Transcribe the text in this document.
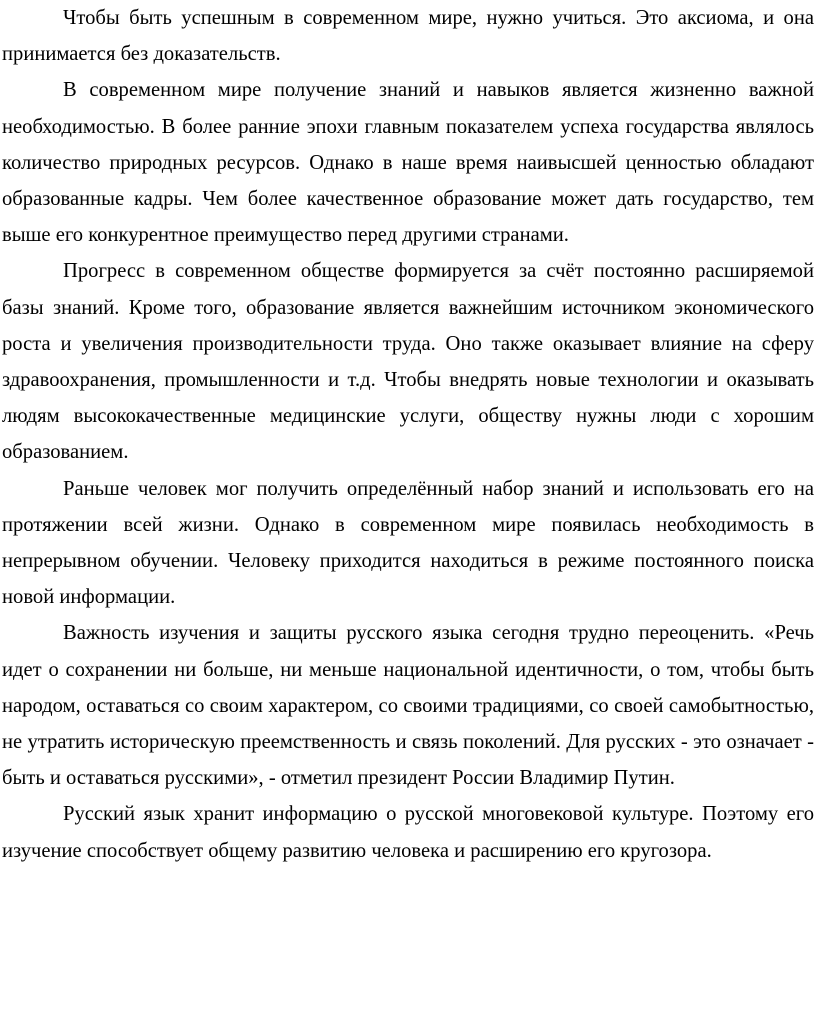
Чтобы быть успешным в современном мире, нужно учиться. Это аксиома, и она принимается без доказательств.

В современном мире получение знаний и навыков является жизненно важной необходимостью. В более ранние эпохи главным показателем успеха государства являлось количество природных ресурсов. Однако в наше время наивысшей ценностью обладают образованные кадры. Чем более качественное образование может дать государство, тем выше его конкурентное преимущество перед другими странами.

Прогресс в современном обществе формируется за счёт постоянно расширяемой базы знаний. Кроме того, образование является важнейшим источником экономического роста и увеличения производительности труда. Оно также оказывает влияние на сферу здравоохранения, промышленности и т.д. Чтобы внедрять новые технологии и оказывать людям высококачественные медицинские услуги, обществу нужны люди с хорошим образованием.

Раньше человек мог получить определённый набор знаний и использовать его на протяжении всей жизни. Однако в современном мире появилась необходимость в непрерывном обучении. Человеку приходится находиться в режиме постоянного поиска новой информации.

Важность изучения и защиты русского языка сегодня трудно переоценить. «Речь идет о сохранении ни больше, ни меньше национальной идентичности, о том, чтобы быть народом, оставаться со своим характером, со своими традициями, со своей самобытностью, не утратить историческую преемственность и связь поколений. Для русских - это означает - быть и оставаться русскими», - отметил президент России Владимир Путин.

Русский язык хранит информацию о русской многовековой культуре. Поэтому его изучение способствует общему развитию человека и расширению его кругозора.
